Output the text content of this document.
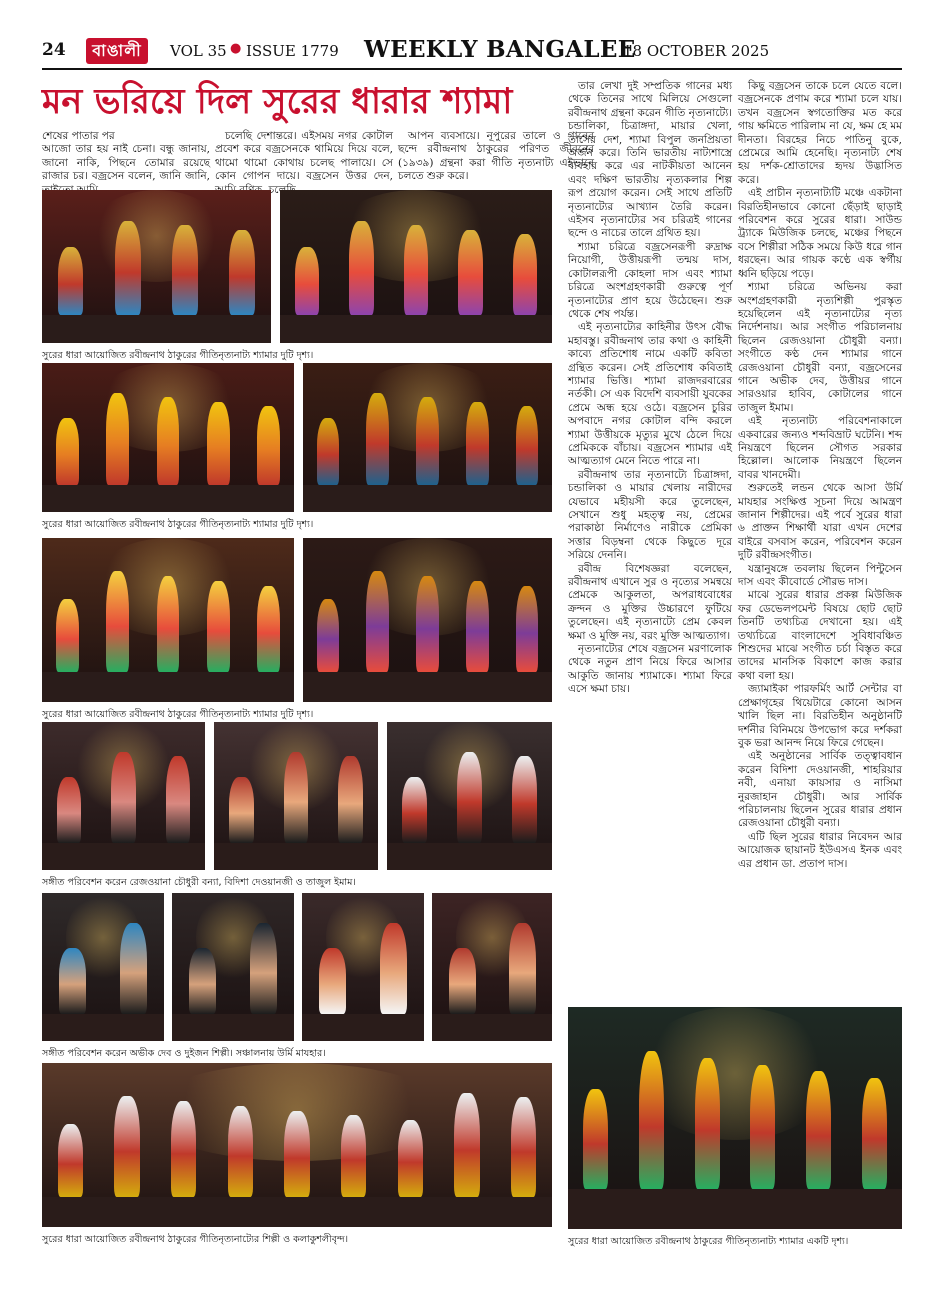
24	বাঙালী	VOL 35 ● ISSUE 1779 WEEKLY BANGALEE
18 OCTOBER 2025
মন ভরিয়ে দিল সুরের ধারার শ্যামা

শেষের পাতার পর
আজো তার হয় নাই চেনা। বন্ধু জানায়, জানো নাকি, পিছনে তোমার রয়েছে রাজার চর। বজ্রসেন বলেন, জানি জানি,

চলেছি দেশান্তরে। এইসময় নগর কোটাল প্রবেশ করে বজ্রসেনকে থামিয়ে দিয়ে বলে, থামো থামো কোথায় চলেছ পালায়ে। সে কোন গোপন দায়ে। বজ্রসেন উত্তর দেন,

আপন ব্যবসায়ে। নূপুরের তালে ও গানের ছন্দে রবীন্দ্রনাথ ঠাকুরের পরিণত জীবনের (১৯৩৯) গ্রন্থনা করা গীতি নৃত্যনাট্য এইভাবে চলতে শুরু করে।

তার লেখা দুই সম্প্রতিক গানের মধ্য থেকে তিনের সাথে মিলিয়ে সেগুলো রবীন্দ্রনাথ গ্রন্থনা করেন গীতি নৃত্যনাট্যে। চন্ডালিকা, চিত্রাঙ্গদা, মায়ার খেলা, তাসের দেশ, শ্যামা বিপুল জনপ্রিয়তা অর্জন করে। তিনি ভারতীয় নাট্যশাস্ত্রে ব্যবহার করে এর নাটকীয়তা আনেন এবং দক্ষিণ ভারতীয় নৃত্যকলার শিল্প রূপ প্রয়োগ করেন। সেই সাথে প্রতিটি নৃত্যনাট্যের আখ্যান তৈরি করেন। এইসব নৃত্যনাট্যের সব চরিত্রই গানের ছন্দে ও নাচের তালে গ্রথিত হয়।

শ্যামা চরিত্রে বজ্রসেনরূপী রুদ্রাক্ষ নিয়োগী, উত্তীয়রূপী তন্ময় দাস, কোটালরূপী কোহলা দাস এবং শ্যামা চরিত্রে অংশগ্রহণকারী গুরুত্বে পূর্ণ নৃত্যনাট্যের প্রাণ হয়ে উঠেছেন। শুরু থেকে শেষ পর্যন্ত।

এই নৃত্যনাট্যের কাহিনীর উৎস বৌদ্ধ মহাবস্তু। রবীন্দ্রনাথ তার কথা ও কাহিনী কাব্যে প্রতিশোধ নামে একটি কবিতা গ্রন্থিত করেন। সেই প্রতিশোধ কবিতাই শ্যামার ভিত্তি। শ্যামা রাজদরবারের নর্তকী। সে এক বিদেশি ব্যবসায়ী যুবকের প্রেমে অন্ধ হয়ে ওঠে। বজ্রসেন চুরির অপবাদে নগর কোটাল বন্দি করলে শ্যামা উত্তীয়কে মৃত্যুর মুখে ঠেলে দিয়ে প্রেমিককে বাঁচায়। বজ্রসেন শ্যামার এই আত্মত্যাগ মেনে নিতে পারে না।

রবীন্দ্রনাথ তার নৃত্যনাট্যে চিত্রাঙ্গদা, চন্ডালিকা ও মায়ার খেলায় নারীদের যেভাবে মহীয়সী করে তুলেছেন, সেখানে শুধু মহত্ত্ব নয়, প্রেমের পরাকাষ্ঠা নির্মাণেও নারীকে প্রেমিকা সত্তার বিড়ম্বনা থেকে কিছুতে দূরে সরিয়ে দেননি।

রবীন্দ্র বিশেষজ্ঞরা বলেছেন, রবীন্দ্রনাথ এখানে সুর ও নৃত্যের সমন্বয়ে প্রেমকে আকুলতা, অপরাধবোধের ক্রন্দন ও মুক্তির উচ্চারণে ফুটিয়ে তুলেছেন। এই নৃত্যনাট্যে প্রেম কেবল ক্ষমা ও মুক্তি নয়, বরং মুক্তি আত্মত্যাগ।

নৃত্যনাট্যের শেষে বজ্রসেন মরণালোক থেকে নতুন প্রাণ নিয়ে ফিরে আসার আকুতি জানায় শ্যামাকে। শ্যামা ফিরে এসে ক্ষমা চায়।

কিছু বজ্রসেন তাকে চলে যেতে বলে। বজ্রসেনকে প্রণাম করে শ্যামা চলে যায়। তখন বজ্রসেন স্বগতোক্তির মত করে গায় ক্ষমিতে পারিলাম না যে, ক্ষম হে মম দীনতা। বিরহের নিচে পাতিনু বুকে, প্রেমেরে আমি হেনেছি। নৃত্যনাট্য শেষ হয় দর্শক-শ্রোতাদের হৃদয় উদ্ভাসিত করে।

এই প্রাচীন নৃত্যনাট্যটি মঞ্চে একটানা বিরতিহীনভাবে কোনো ছেঁড়াই ছাড়াই পরিবেশন করে সুরের ধারা। সাউন্ড ট্র্যাকে মিউজিক চলছে, মঞ্চের পিছনে বসে শিল্পীরা সঠিক সময়ে কিউ ধরে গান ধরছেন। আর গায়ক কণ্ঠে এক স্বর্গীয় ধ্বনি ছড়িয়ে পড়ে।

শ্যামা চরিত্রে অভিনয় করা অংশগ্রহণকারী নৃত্যশিল্পী পুরস্কৃত হয়েছিলেন এই নৃত্যনাট্যের নৃত্য নির্দেশনায়। আর সংগীত পরিচালনায় ছিলেন রেজওয়ানা চৌধুরী বন্যা। সংগীতে কণ্ঠ দেন শ্যামার গানে রেজওয়ানা চৌধুরী বন্যা, বজ্রসেনের গানে অভীক দেব, উত্তীয়র গানে সারওয়ার হাবিব, কোটালের গানে তাজুল ইমাম।

এই নৃত্যনাট্য পরিবেশনাকালে একবারের জন্যও শব্দবিভ্রাট ঘটেনি। শব্দ নিয়ন্ত্রণে ছিলেন সৌগত সরকার হিল্লোল। আলোক নিয়ন্ত্রণে ছিলেন বাবর খানদেমী।

শুরুতেই লন্ডন থেকে আসা উর্মি মাযহার সংক্ষিপ্ত সূচনা দিয়ে আমন্ত্রণ জানান শিল্পীদের। এই পর্বে সুরের ধারা ৬ প্রাক্তন শিক্ষার্থী যারা এখন দেশের বাইরে বসবাস করেন, পরিবেশন করেন দুটি রবীন্দ্রসংগীত।

যন্ত্রানুষঙ্গে তবলায় ছিলেন পিন্টুসেন দাস এবং কীবোর্ডে সৌরভ দাস।

মাঝে সুরের ধারার প্রকল্প মিউজিক ফর ডেভেলপমেন্ট বিষয়ে ছোট ছোট তিনটি তথ্যচিত্র দেখানো হয়। এই তথ্যচিত্রে বাংলাদেশে সুবিধাবঞ্চিত শিশুদের মাঝে সংগীত চর্চা বিস্তৃত করে তাদের মানসিক বিকাশে কাজ করার কথা বলা হয়।

জ্যামাইকা পারফর্মিং আর্ট সেন্টার বা প্রেক্ষাগৃহের থিয়েটারে কোনো আসন খালি ছিল না। বিরতিহীন অনুষ্ঠানটি দর্শনীর বিনিময়ে উপভোগ করে দর্শকরা বুক ভরা আনন্দ নিয়ে ফিরে গেছেন।

এই অনুষ্ঠানের সার্বিক তত্ত্বাবধান করেন বিদিশা দেওয়ানজী, শাহরিয়ার নবী, এনায়া কায়সার ও নাসিমা নুরজাহান চৌধুরী। আর সার্বিক পরিচালনায় ছিলেন সুরের ধারার প্রধান রেজওয়ানা চৌধুরী বন্যা।

এটি ছিল সুরের ধারার নিবেদন আর আয়োজক ছায়ানট ইউএসএ ইনক এবং এর প্রধান ডা. প্রতাপ দাস।

সুরের ধারা আয়োজিত রবীন্দ্রনাথ ঠাকুরের গীতিনৃত্যনাট্য শ্যামার দুটি দৃশ্য।
সুরের ধারা আয়োজিত রবীন্দ্রনাথ ঠাকুরের গীতিনৃত্যনাট্য শ্যামার দুটি দৃশ্য।
সুরের ধারা আয়োজিত রবীন্দ্রনাথ ঠাকুরের গীতিনৃত্যনাট্য শ্যামার দুটি দৃশ্য।
সঙ্গীত পরিবেশন করেন রেজওয়ানা চৌধুরী বন্যা, বিদিশা দেওয়ানজী ও তাজুল ইমাম।
সঙ্গীত পরিবেশন করেন অভীক দেব ও দুইজন শিল্পী। সঞ্চালনায় উর্মি মাযহার।
সুরের ধারা আয়োজিত রবীন্দ্রনাথ ঠাকুরের গীতিনৃত্যনাট্যের শিল্পী ও কলাকুশলীবৃন্দ।	সুরের ধারা আয়োজিত রবীন্দ্রনাথ ঠাকুরের গীতিনৃত্যনাট্য শ্যামার একটি দৃশ্য।
